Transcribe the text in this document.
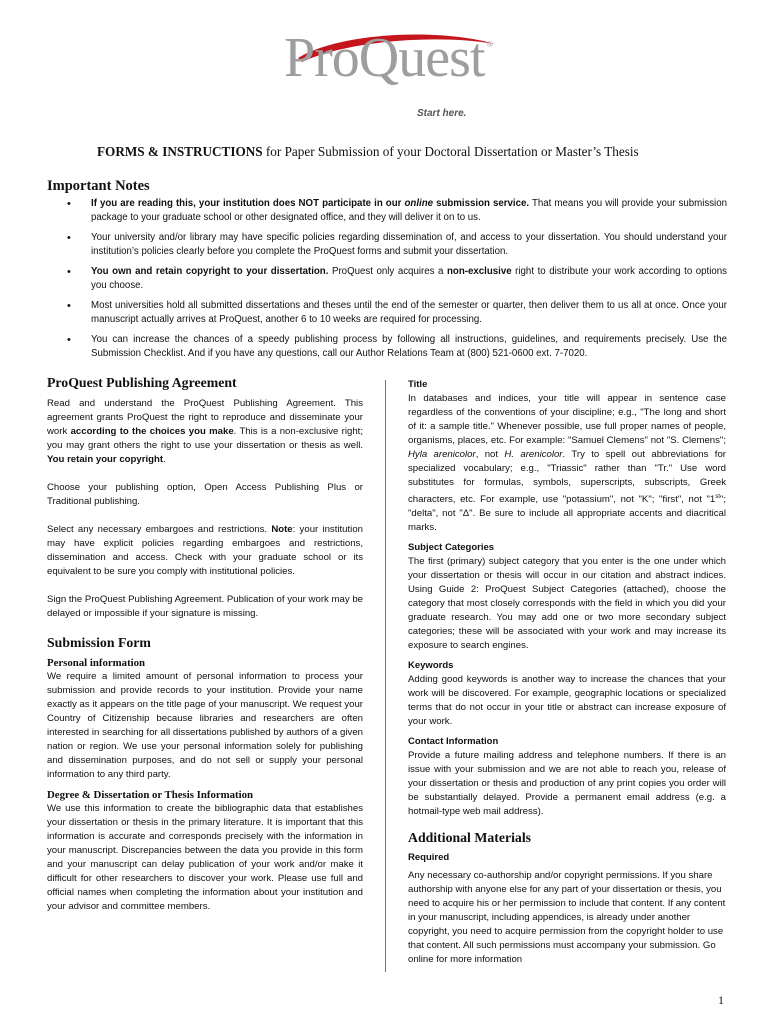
ProQuest ®
Start here.
FORMS & INSTRUCTIONS for Paper Submission of your Doctoral Dissertation or Master’s Thesis
Important Notes
• If you are reading this, your institution does NOT participate in our online submission service. That means you will provide your submission package to your graduate school or other designated office, and they will deliver it on to us.
• Your university and/or library may have specific policies regarding dissemination of, and access to your dissertation. You should understand your institution’s policies clearly before you complete the ProQuest forms and submit your dissertation.
• You own and retain copyright to your dissertation. ProQuest only acquires a non-exclusive right to distribute your work according to options you choose.
• Most universities hold all submitted dissertations and theses until the end of the semester or quarter, then deliver them to us all at once. Once your manuscript actually arrives at ProQuest, another 6 to 10 weeks are required for processing.
• You can increase the chances of a speedy publishing process by following all instructions, guidelines, and requirements precisely. Use the Submission Checklist. And if you have any questions, call our Author Relations Team at (800) 521-0600 ext. 7-7020.
ProQuest Publishing Agreement

Read and understand the ProQuest Publishing Agreement. This agreement grants ProQuest the right to reproduce and disseminate your work according to the choices you make. This is a non-exclusive right; you may grant others the right to use your dissertation or thesis as well. You retain your copyright.

Choose your publishing option, Open Access Publishing Plus or Traditional publishing.

Select any necessary embargoes and restrictions. Note: your institution may have explicit policies regarding embargoes and restrictions, dissemination and access. Check with your graduate school or its equivalent to be sure you comply with institutional policies.

Sign the ProQuest Publishing Agreement. Publication of your work may be delayed or impossible if your signature is missing.

Submission Form
Personal information

We require a limited amount of personal information to process your submission and provide records to your institution. Provide your name exactly as it appears on the title page of your manuscript. We request your Country of Citizenship because libraries and researchers are often interested in searching for all dissertations published by authors of a given nation or region. We use your personal information solely for publishing and dissemination purposes, and do not sell or supply your personal information to any third party.

Degree & Dissertation or Thesis Information

We use this information to create the bibliographic data that establishes your dissertation or thesis in the primary literature. It is important that this information is accurate and corresponds precisely with the information in your manuscript. Discrepancies between the data you provide in this form and your manuscript can delay publication of your work and/or make it difficult for other researchers to discover your work. Please use full and official names when completing the information about your institution and your advisor and committee members.

Title

In databases and indices, your title will appear in sentence case regardless of the conventions of your discipline; e.g., "The long and short of it: a sample title." Whenever possible, use full proper names of people, organisms, places, etc. For example: "Samuel Clemens" not "S. Clemens"; Hyla arenicolor, not H. arenicolor. Try to spell out abbreviations for specialized vocabulary; e.g., "Triassic" rather than "Tr." Use word substitutes for formulas, symbols, superscripts, subscripts, Greek characters, etc. For example, use "potassium", not "K"; "first", not "1st"; "delta", not "Δ". Be sure to include all appropriate accents and diacritical marks.

Subject Categories

The first (primary) subject category that you enter is the one under which your dissertation or thesis will occur in our citation and abstract indices. Using Guide 2: ProQuest Subject Categories (attached), choose the category that most closely corresponds with the field in which you did your graduate research. You may add one or two more secondary subject categories; these will be associated with your work and may increase its exposure to search engines.

Keywords

Adding good keywords is another way to increase the chances that your work will be discovered. For example, geographic locations or specialized terms that do not occur in your title or abstract can increase exposure of your work.

Contact Information

Provide a future mailing address and telephone numbers. If there is an issue with your submission and we are not able to reach you, release of your dissertation or thesis and production of any print copies you order will be substantially delayed. Provide a permanent email address (e.g. a hotmail-type web mail address).

Additional Materials
Required

Any necessary co-authorship and/or copyright permissions. If you share authorship with anyone else for any part of your dissertation or thesis, you need to acquire his or her permission to include that content. If any content in your manuscript, including appendices, is already under another copyright, you need to acquire permission from the copyright holder to use that content. All such permissions must accompany your submission. Go online for more information

1
